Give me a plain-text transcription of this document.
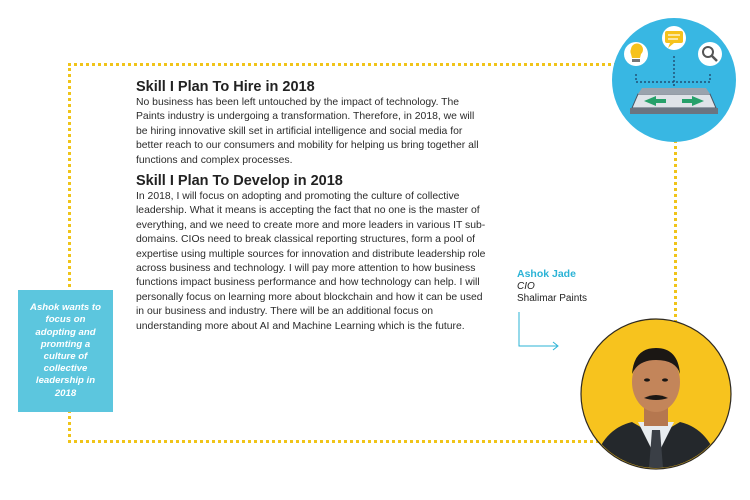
Skill I Plan To Hire in 2018

No business has been left untouched by the impact of technology. The Paints industry is undergoing a transformation. Therefore, in 2018, we will be hiring innovative skill set in artificial intelligence and social media for better reach to our consumers and mobility for helping us bring together all functions and complex processes.

Skill I Plan To Develop in 2018

In 2018, I will focus on adopting and promoting the culture of collective leadership. What it means is accepting the fact that no one is the master of everything, and we need to create more and more leaders in various IT sub-domains. CIOs need to break classical reporting structures, form a pool of expertise using multiple sources for innovation and distribute leadership role across business and technology. I will pay more attention to how business functions impact business performance and how technology can help. I will personally focus on learning more about blockchain and how it can be used in our business and industry. There will be an additional focus on understanding more about AI and Machine Learning which is the future.

Ashok wants to focus on adopting and promting a culture of collective leadership in 2018
Ashok Jade
CIO
Shalimar Paints
